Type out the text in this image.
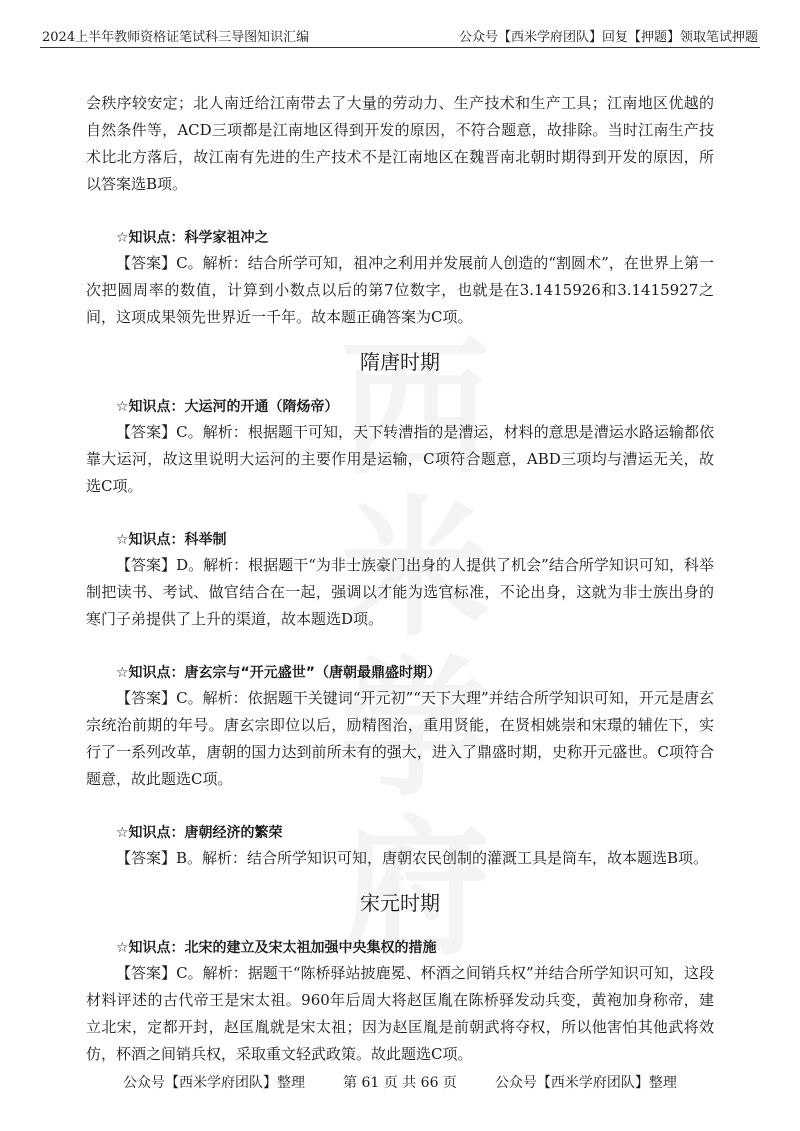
2024上半年教师资格证笔试科三导图知识汇编	公众号【西米学府团队】回复【押题】领取笔试押题

会秩序较安定；北人南迁给江南带去了大量的劳动力、生产技术和生产工具；江南地区优越的自然条件等，ACD三项都是江南地区得到开发的原因，不符合题意，故排除。当时江南生产技术比北方落后，故江南有先进的生产技术不是江南地区在魏晋南北朝时期得到开发的原因，所以答案选B项。

☆知识点：科学家祖冲之

【答案】C。解析：结合所学可知，祖冲之利用并发展前人创造的“割圆术”，在世界上第一次把圆周率的数值，计算到小数点以后的第7位数字，也就是在3.1415926和3.1415927之间，这项成果领先世界近一千年。故本题正确答案为C项。

隋唐时期

☆知识点：大运河的开通（隋炀帝）

【答案】C。解析：根据题干可知，天下转漕指的是漕运，材料的意思是漕运水路运输都依靠大运河，故这里说明大运河的主要作用是运输，C项符合题意，ABD三项均与漕运无关，故选C项。

☆知识点：科举制

【答案】D。解析：根据题干“为非士族豪门出身的人提供了机会”结合所学知识可知，科举制把读书、考试、做官结合在一起，强调以才能为选官标准，不论出身，这就为非士族出身的寒门子弟提供了上升的渠道，故本题选D项。

☆知识点：唐玄宗与“开元盛世”（唐朝最鼎盛时期）

【答案】C。解析：依据题干关键词“开元初”“天下大理”并结合所学知识可知，开元是唐玄宗统治前期的年号。唐玄宗即位以后，励精图治，重用贤能，在贤相姚崇和宋璟的辅佐下，实行了一系列改革，唐朝的国力达到前所未有的强大，进入了鼎盛时期，史称开元盛世。C项符合题意，故此题选C项。

☆知识点：唐朝经济的繁荣

【答案】B。解析：结合所学知识可知，唐朝农民创制的灌溉工具是筒车，故本题选B项。

宋元时期

☆知识点：北宋的建立及宋太祖加强中央集权的措施

【答案】C。解析：据题干“陈桥驿站披鹿冕、杯酒之间销兵权”并结合所学知识可知，这段材料评述的古代帝王是宋太祖。960年后周大将赵匡胤在陈桥驿发动兵变，黄袍加身称帝，建立北宋，定都开封，赵匡胤就是宋太祖；因为赵匡胤是前朝武将夺权，所以他害怕其他武将效仿，杯酒之间销兵权，采取重文轻武政策。故此题选C项。

公众号【西米学府团队】整理	第 61 页 共 66 页	公众号【西米学府团队】整理
